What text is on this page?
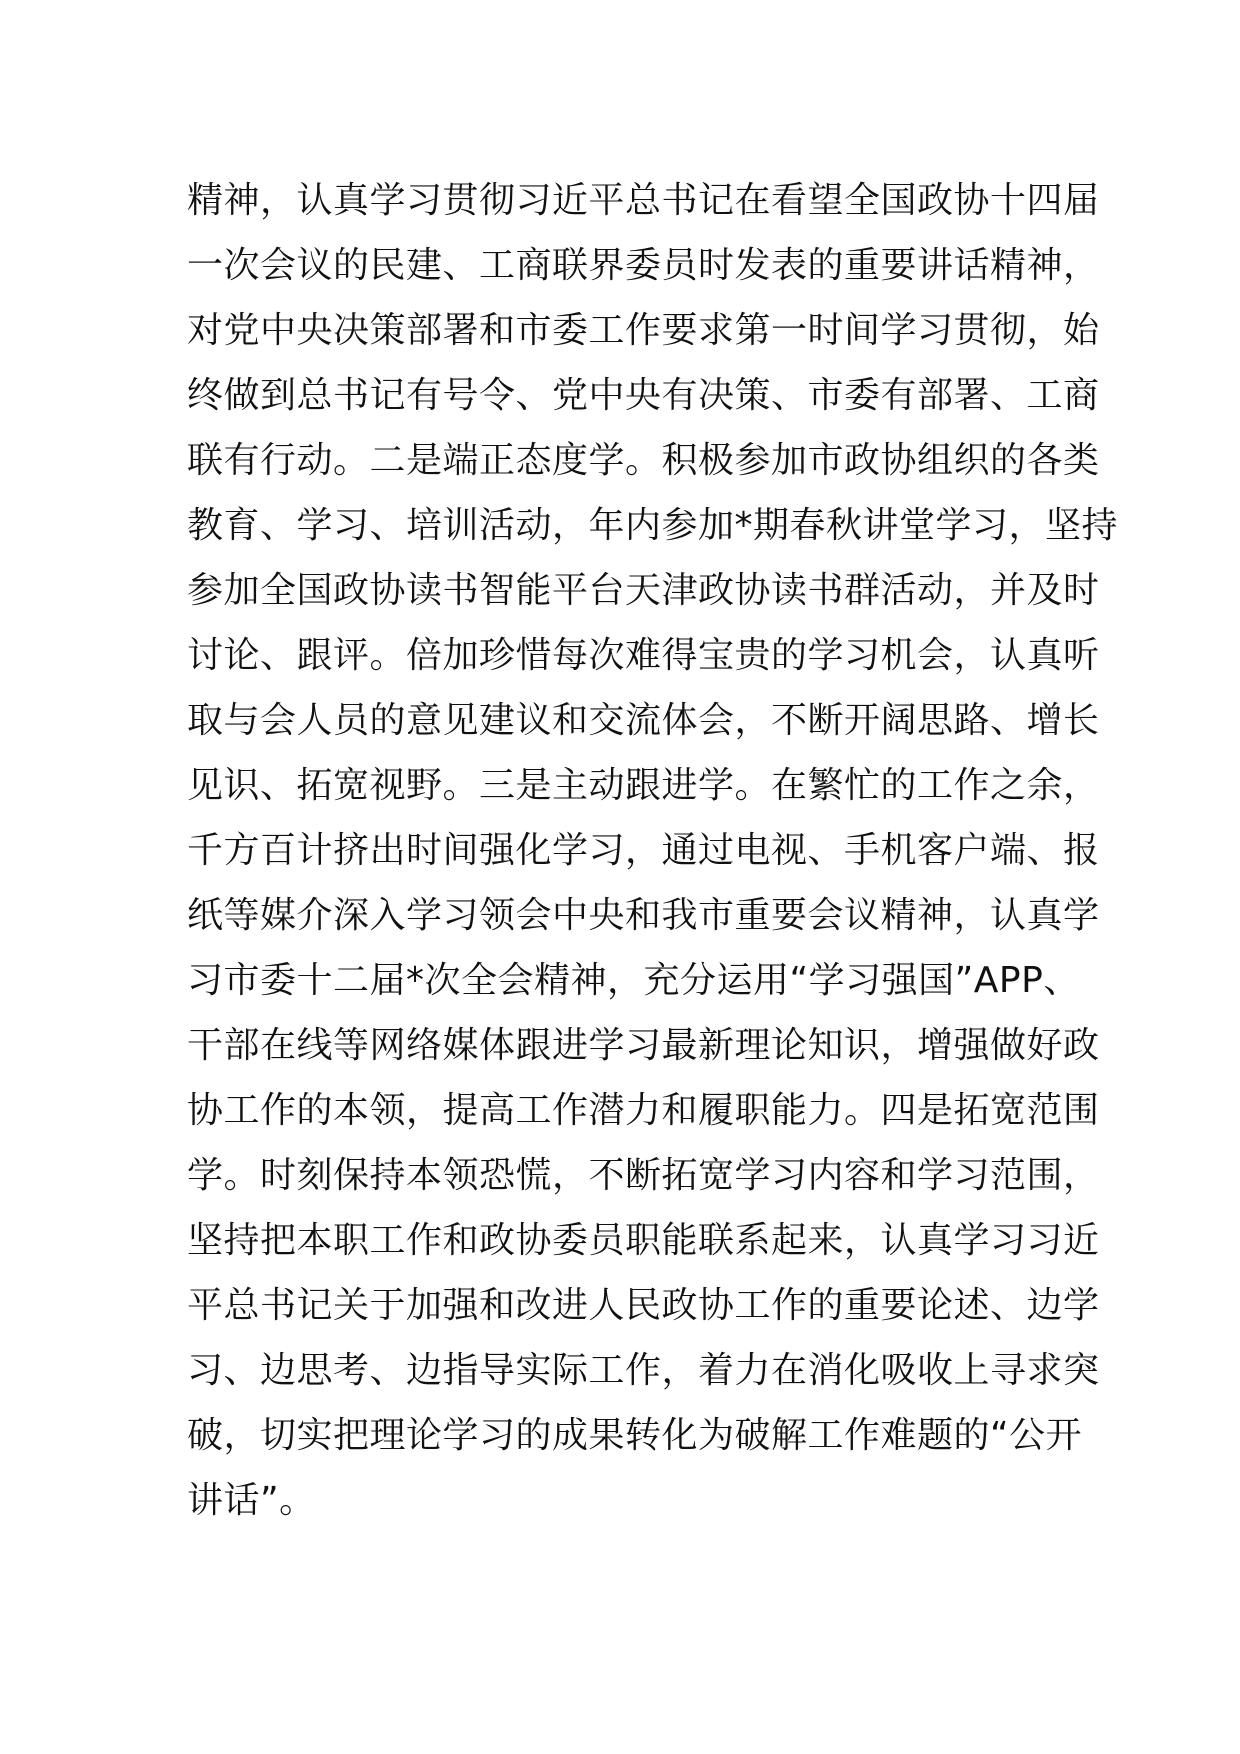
精神，认真学习贯彻习近平总书记在看望全国政协十四届
一次会议的民建、工商联界委员时发表的重要讲话精神，
对党中央决策部署和市委工作要求第一时间学习贯彻，始
终做到总书记有号令、党中央有决策、市委有部署、工商
联有行动。二是端正态度学。积极参加市政协组织的各类
教育、学习、培训活动，年内参加*期春秋讲堂学习，坚持
参加全国政协读书智能平台天津政协读书群活动，并及时
讨论、跟评。倍加珍惜每次难得宝贵的学习机会，认真听
取与会人员的意见建议和交流体会，不断开阔思路、增长
见识、拓宽视野。三是主动跟进学。在繁忙的工作之余，
千方百计挤出时间强化学习，通过电视、手机客户端、报
纸等媒介深入学习领会中央和我市重要会议精神，认真学
习市委十二届*次全会精神，充分运用“学习强国”APP、
干部在线等网络媒体跟进学习最新理论知识，增强做好政
协工作的本领，提高工作潜力和履职能力。四是拓宽范围
学。时刻保持本领恐慌，不断拓宽学习内容和学习范围，
坚持把本职工作和政协委员职能联系起来，认真学习习近
平总书记关于加强和改进人民政协工作的重要论述、边学
习、边思考、边指导实际工作，着力在消化吸收上寻求突
破，切实把理论学习的成果转化为破解工作难题的“公开
讲话”。
